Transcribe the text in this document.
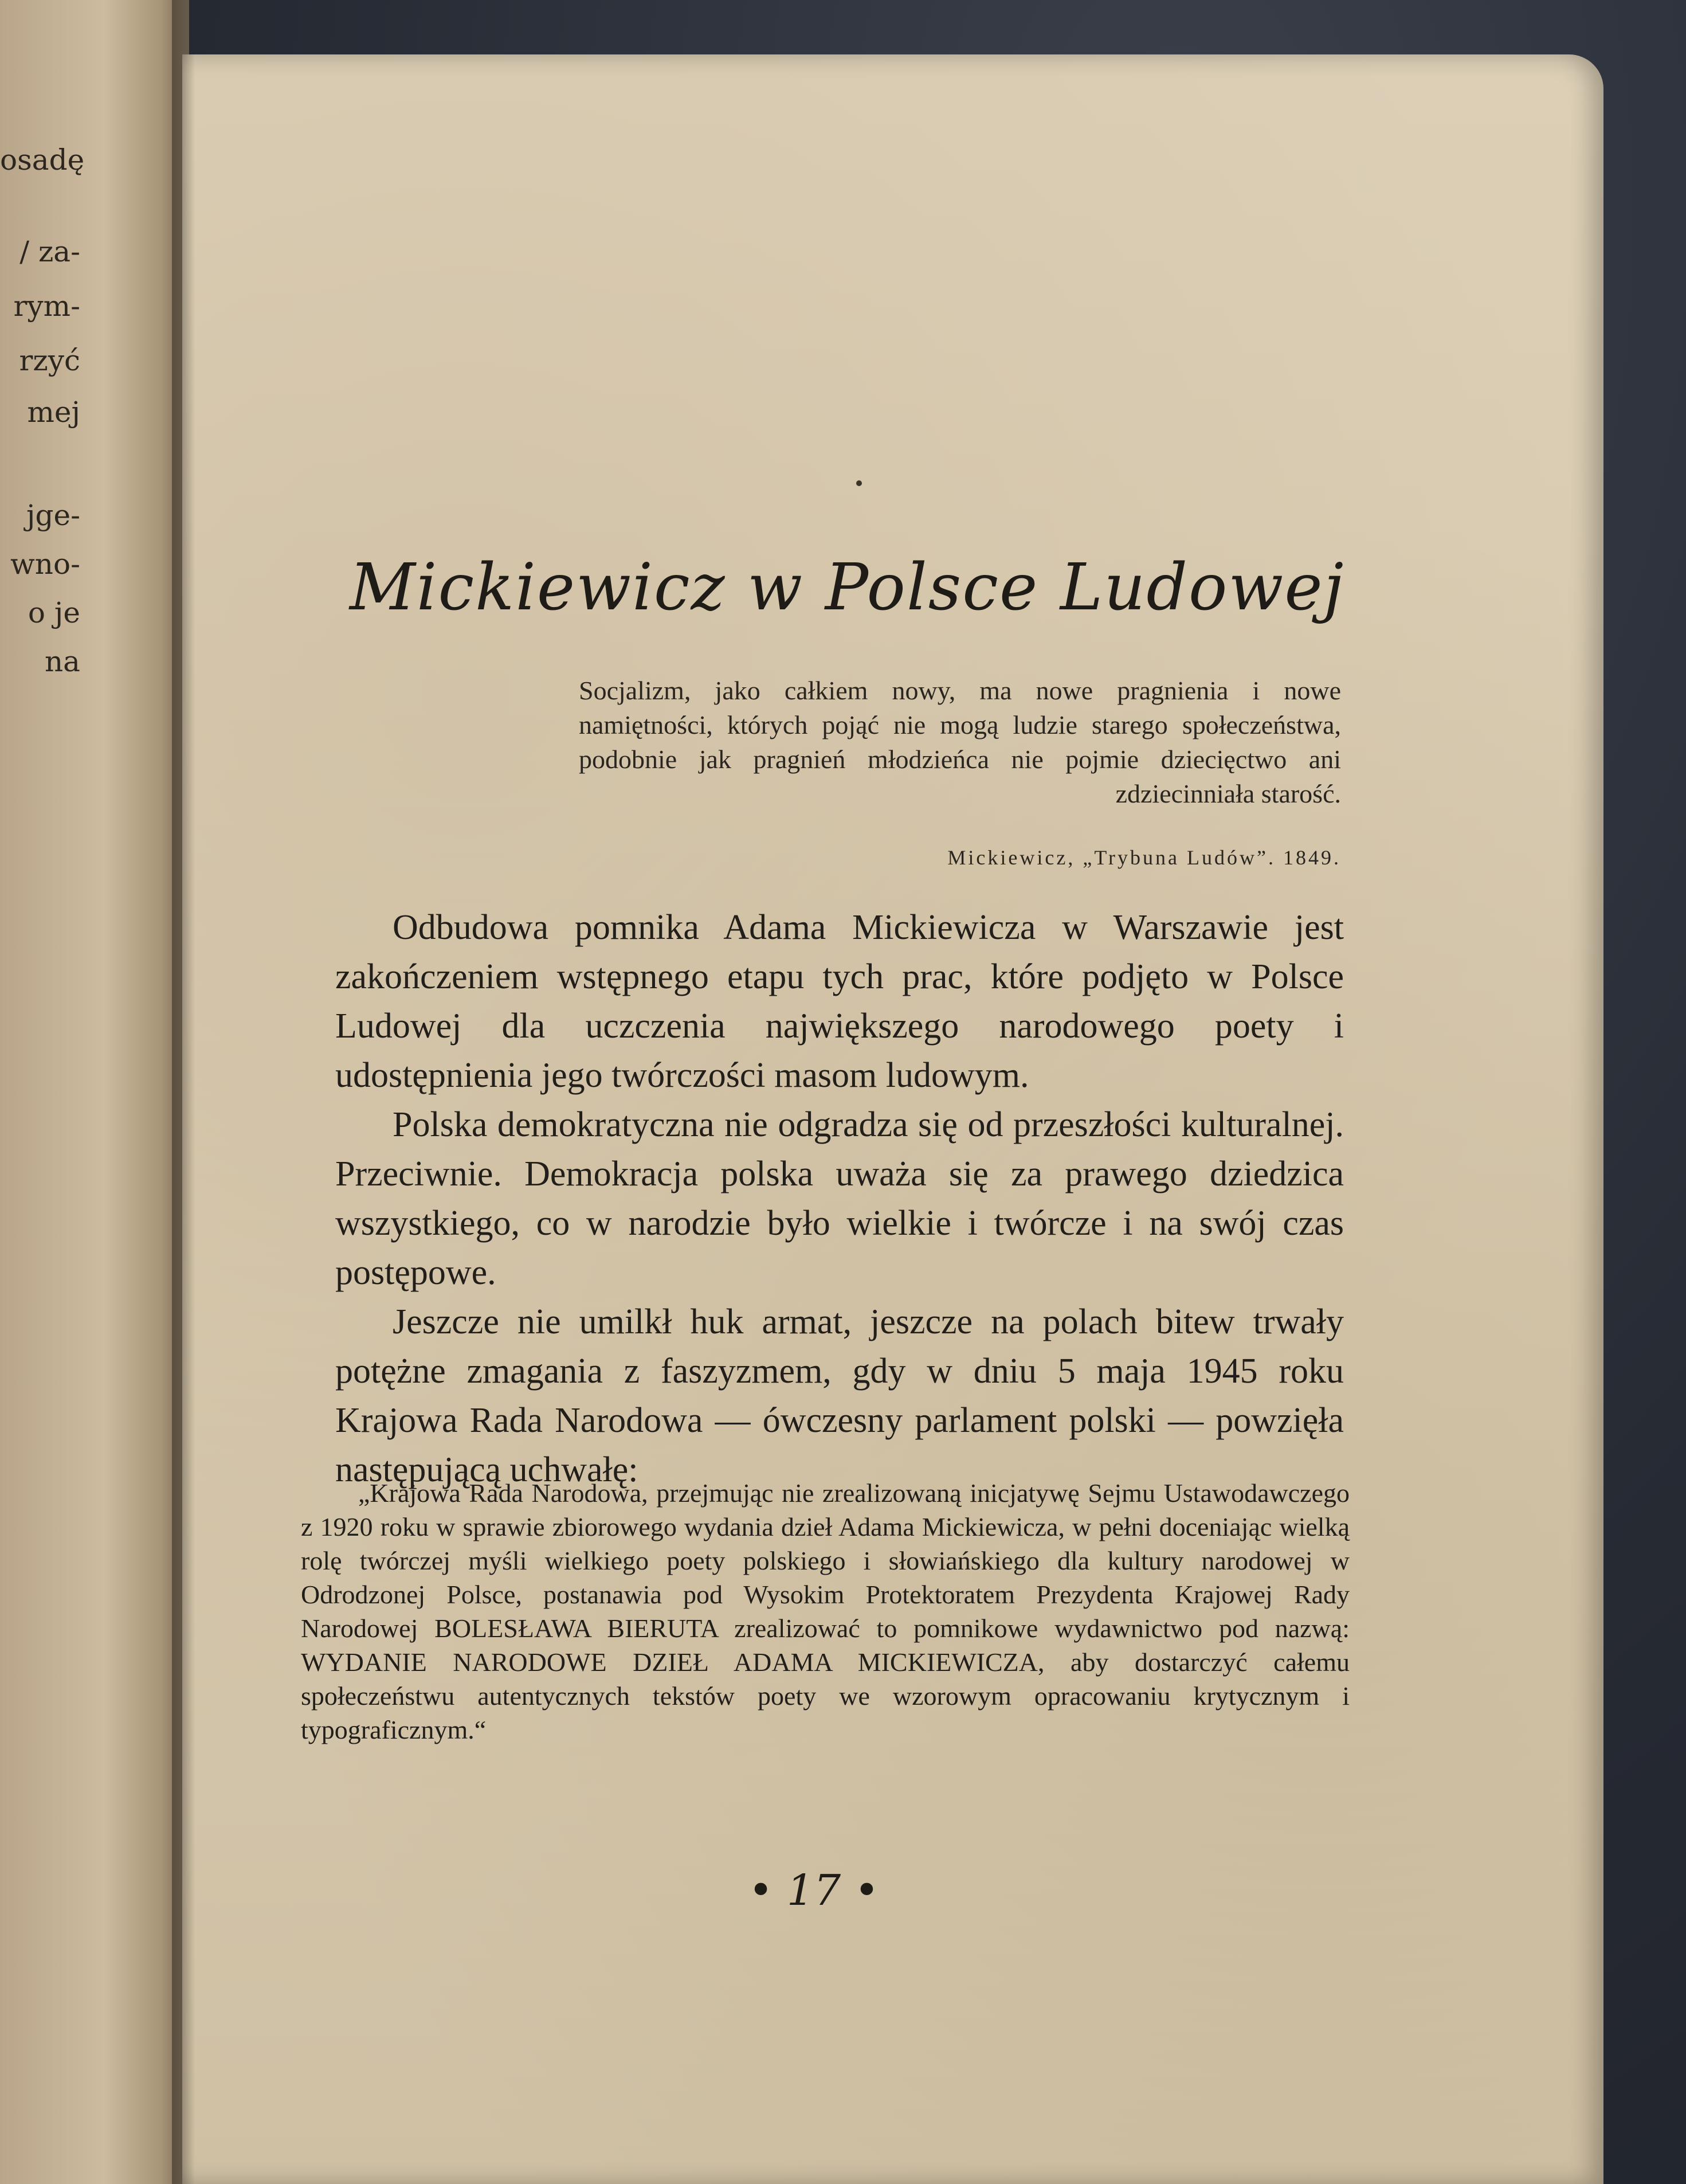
osadę
/ za-
rym-
rzyć
mej
jge-
wno-
o je
na
Mickiewicz w Polsce Ludowej
Socjalizm, jako całkiem nowy, ma nowe pragnienia i nowe namiętności, których pojąć nie mogą ludzie starego społeczeństwa, podobnie jak pragnień młodzieńca nie pojmie dziecięctwo ani zdziecinniała starość.
Mickiewicz, „Trybuna Ludów”. 1849.

Odbudowa pomnika Adama Mickiewicza w Warszawie jest zakończeniem wstępnego etapu tych prac, które podjęto w Polsce Ludowej dla uczczenia największego narodowego poety i udostępnienia jego twórczości masom ludowym.

Polska demokratyczna nie odgradza się od przeszłości kulturalnej. Przeciwnie. Demokracja polska uważa się za prawego dziedzica wszystkiego, co w narodzie było wielkie i twórcze i na swój czas postępowe.

Jeszcze nie umilkł huk armat, jeszcze na polach bitew trwały potężne zmagania z faszyzmem, gdy w dniu 5 maja 1945 roku Krajowa Rada Narodowa — ówczesny parlament polski — powzięła następującą uchwałę:

„Krajowa Rada Narodowa, przejmując nie zrealizowaną inicjatywę Sejmu Ustawodawczego z 1920 roku w sprawie zbiorowego wydania dzieł Adama Mickiewicza, w pełni doceniając wielką rolę twórczej myśli wielkiego poety polskiego i słowiańskiego dla kultury narodowej w Odrodzonej Polsce, postanawia pod Wysokim Protektoratem Prezydenta Krajowej Rady Narodowej BOLESŁAWA BIERUTA zrealizować to pomnikowe wydawnictwo pod nazwą: WYDANIE NARODOWE DZIEŁ ADAMA MICKIEWICZA, aby dostarczyć całemu społeczeństwu autentycznych tekstów poety we wzorowym opracowaniu krytycznym i typograficznym.“
• 17 •
